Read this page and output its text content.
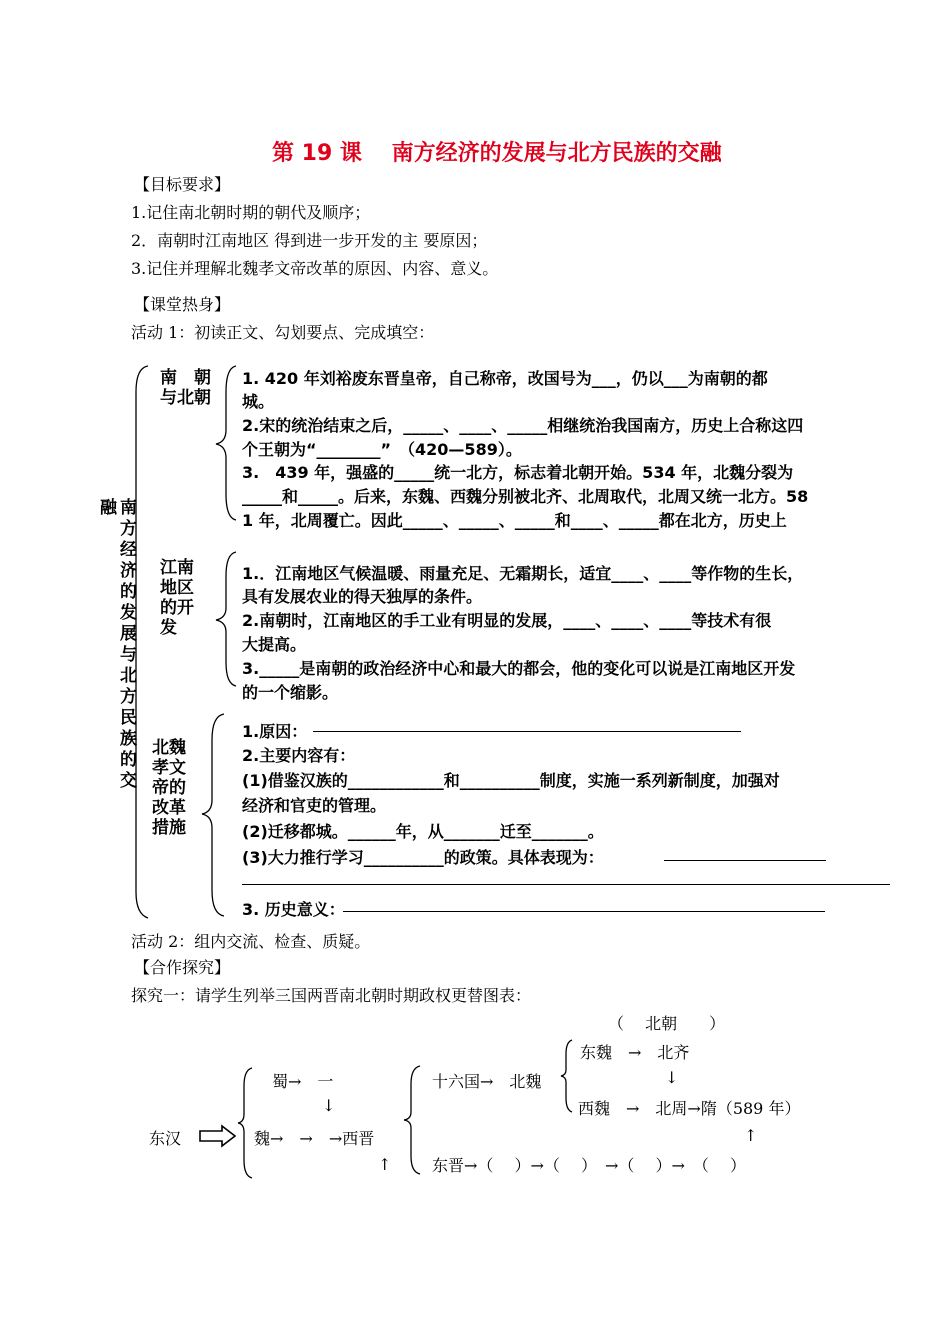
第 19 课　 南方经济的发展与北方民族的交融
【目标要求】
1.记住南北朝时期的朝代及顺序；
2．南朝时江南地区 得到进一步开发的主 要原因；
3.记住并理解北魏孝文帝改革的原因、内容、意义。
【课堂热身】
活动 1：初读正文、勾划要点、完成填空：
融 南方经济的发展与北方民族的交
南　朝与北朝
1. 420 年刘裕废东晋皇帝，自己称帝，改国号为___，仍以___为南朝的都
城。
2.宋的统治结束之后，_____、____、_____相继统治我国南方，历史上合称这四
个王朝为“________”　（420—589）。
3.　439 年，强盛的_____统一北方，标志着北朝开始。534 年，北魏分裂为
_____和_____。后来，东魏、西魏分别被北齐、北周取代，北周又统一北方。58
1 年，北周覆亡。因此_____、_____、_____和____、_____都在北方，历史上
江南地区的开发
1.．江南地区气候温暖、雨量充足、无霜期长，适宜____、____等作物的生长，
具有发展农业的得天独厚的条件。
2.南朝时，江南地区的手工业有明显的发展，____、____、____等技术有很
大提高。
3._____是南朝的政治经济中心和最大的都会，他的变化可以说是江南地区开发
的一个缩影。
北魏孝文帝的改革措施
1.原因：
2.主要内容有：
(1)借鉴汉族的____________和__________制度，实施一系列新制度，加强对
经济和官吏的管理。
(2)迁移都城。______年，从_______迁至_______。
(3)大力推行学习__________的政策。具体表现为：
3. 历史意义：
活动 2：组内交流、检查、质疑。
【合作探究】
探究一：请学生列举三国两晋南北朝时期政权更替图表：
（　 北朝　　）
东汉
蜀→　一
↓
魏→　→　→西晋
↑
十六国→　北魏
东魏　→　北齐
↓
西魏　→　北周→隋（589 年）
↑
东晋→（　 ）→（　 ）　→（　 ）→　（　 ）
